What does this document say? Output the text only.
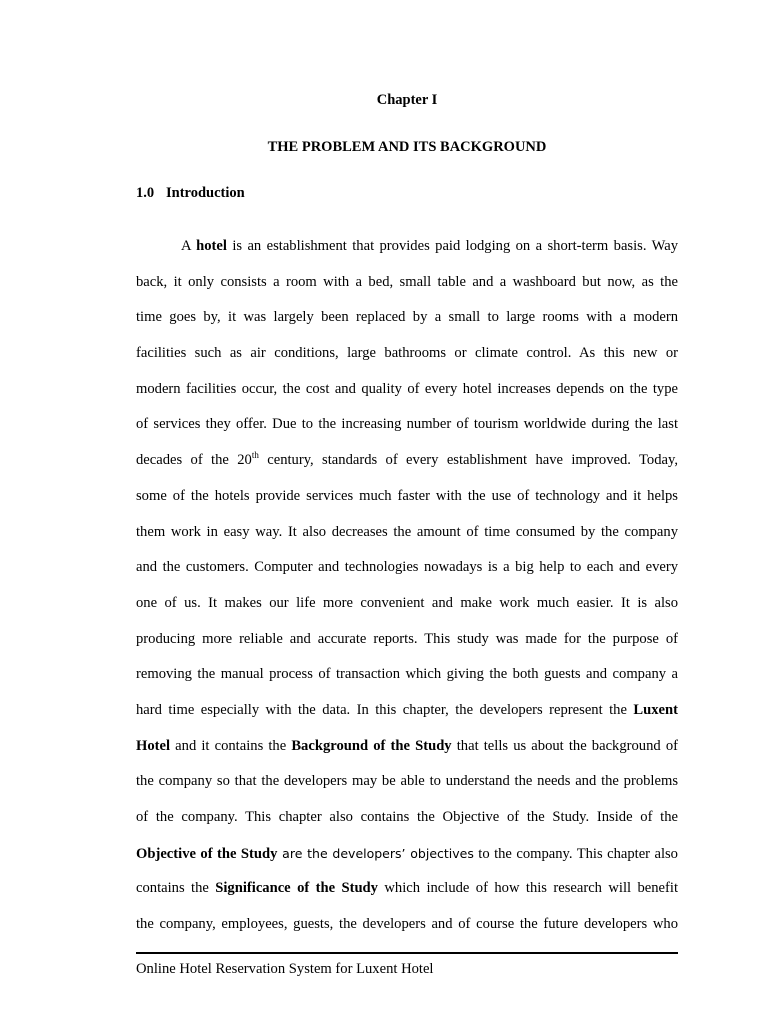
Chapter I
THE PROBLEM AND ITS BACKGROUND
1.0 Introduction
A hotel is an establishment that provides paid lodging on a short-term basis. Way
back, it only consists a room with a bed, small table and a washboard but now, as the
time goes by, it was largely been replaced by a small to large rooms with a modern
facilities such as air conditions, large bathrooms or climate control. As this new or
modern facilities occur, the cost and quality of every hotel increases depends on the type
of services they offer. Due to the increasing number of tourism worldwide during the last
decades of the 20th century, standards of every establishment have improved. Today,
some of the hotels provide services much faster with the use of technology and it helps
them work in easy way. It also decreases the amount of time consumed by the company
and the customers. Computer and technologies nowadays is a big help to each and every
one of us. It makes our life more convenient and make work much easier. It is also
producing more reliable and accurate reports. This study was made for the purpose of
removing the manual process of transaction which giving the both guests and company a
hard time especially with the data. In this chapter, the developers represent the Luxent
Hotel and it contains the Background of the Study that tells us about the background of
the company so that the developers may be able to understand the needs and the problems
of the company. This chapter also contains the Objective of the Study. Inside of the
Objective of the Study are the developers’ objectives to the company. This chapter also
contains the Significance of the Study which include of how this research will benefit
the company, employees, guests, the developers and of course the future developers who
Online Hotel Reservation System for Luxent Hotel
